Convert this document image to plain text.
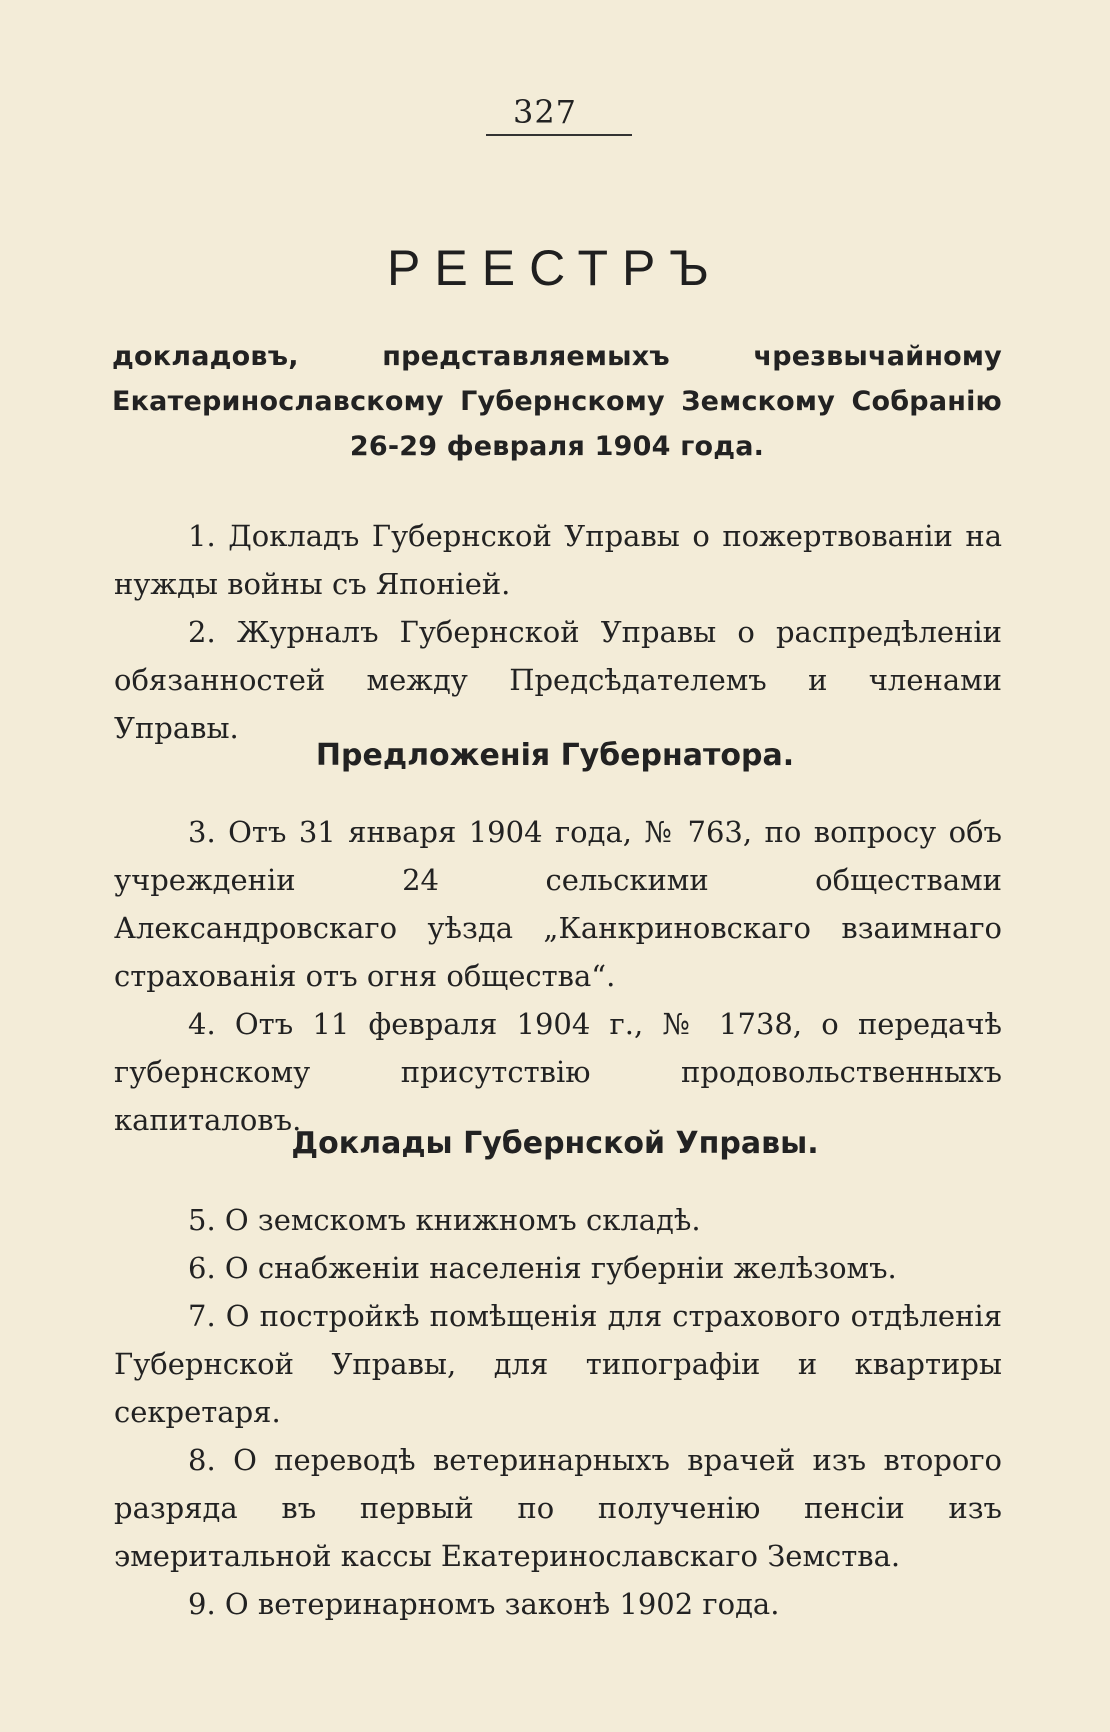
327
РЕЕСТРЪ
докладовъ, представляемыхъ чрезвычайному Екатеринославскому Губернскому Земскому Собранію 26-29 февраля 1904 года.

1. Докладъ Губернской Управы о пожертвованіи на нужды войны съ Японіей.

2. Журналъ Губернской Управы о распредѣленіи обязанностей между Предсѣдателемъ и членами Управы.

Предложенія Губернатора.

3. Отъ 31 января 1904 года, № 763, по вопросу объ учрежденіи 24 сельскими обществами Александровскаго уѣзда „Канкриновскаго взаимнаго страхованія отъ огня общества“.

4. Отъ 11 февраля 1904 г., № 1738, о передачѣ губернскому присутствію продовольственныхъ капиталовъ.

Доклады Губернской Управы.

5. О земскомъ книжномъ складѣ.

6. О снабженіи населенія губерніи желѣзомъ.

7. О постройкѣ помѣщенія для страхового отдѣленія Губернской Управы, для типографіи и квартиры секретаря.

8. О переводѣ ветеринарныхъ врачей изъ второго разряда въ первый по полученію пенсіи изъ эмеритальной кассы Екатеринославскаго Земства.

9. О ветеринарномъ законѣ 1902 года.
